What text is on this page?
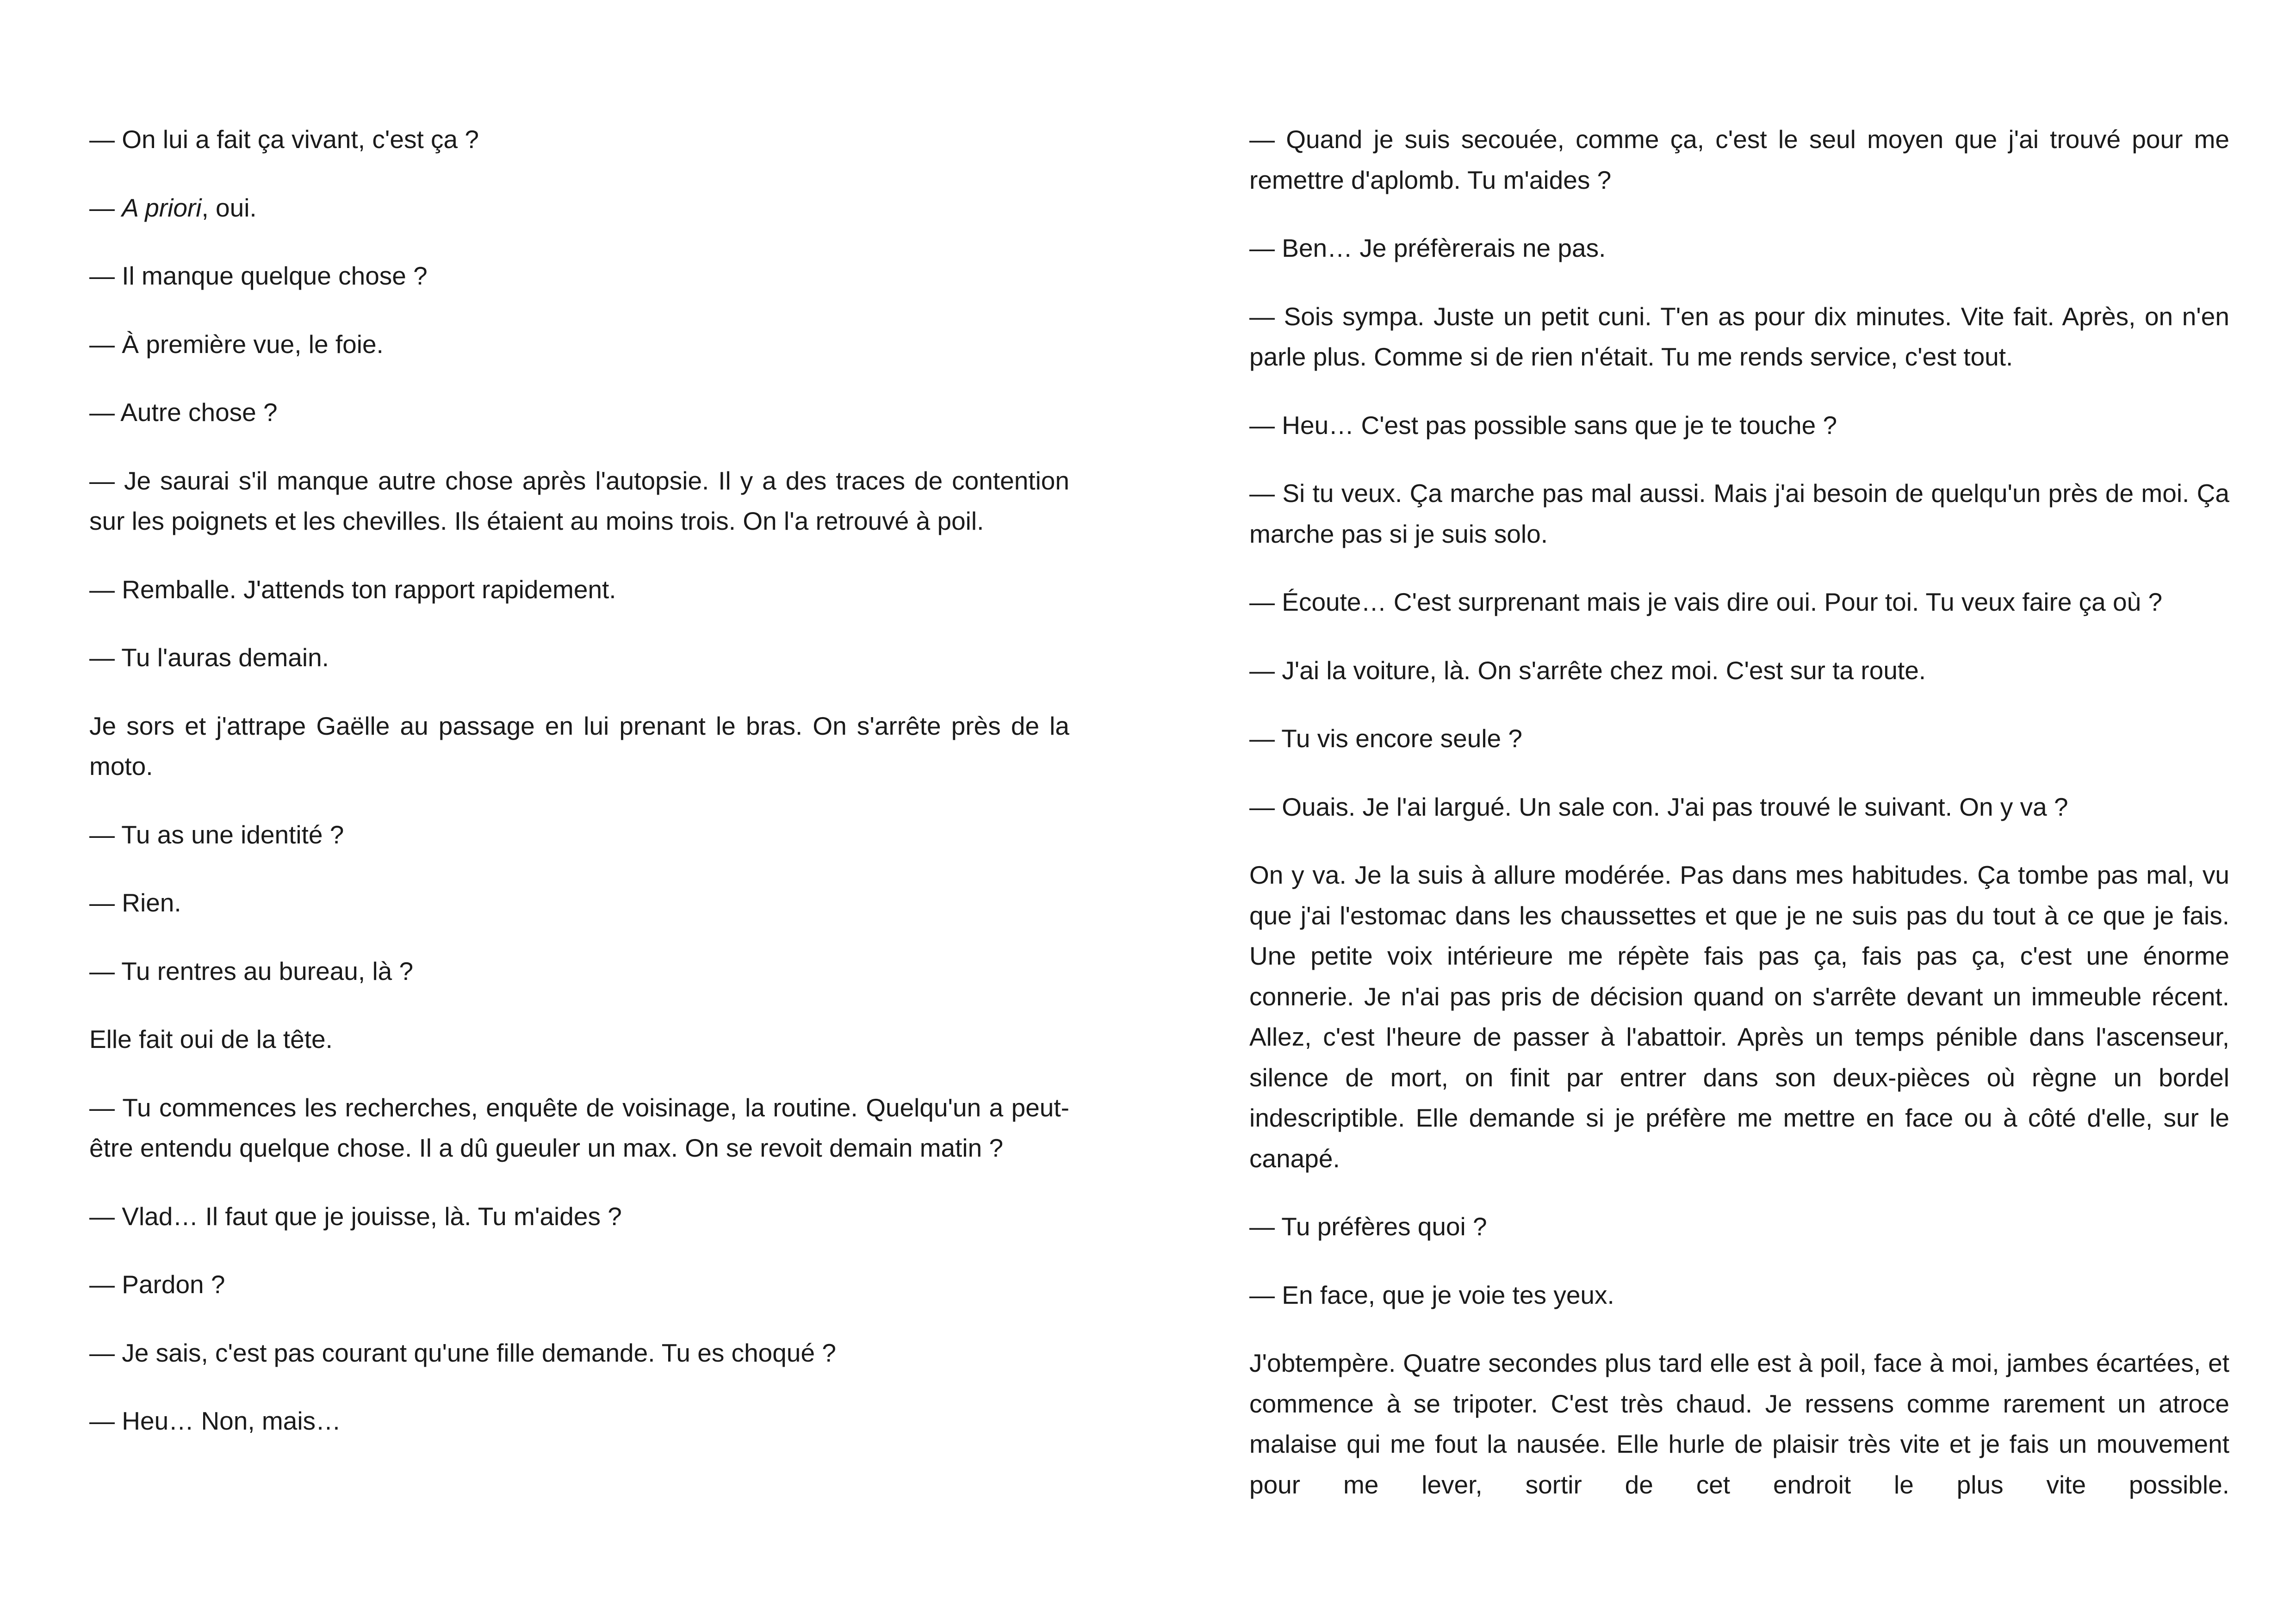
— On lui a fait ça vivant, c'est ça ?

— A priori, oui.

— Il manque quelque chose ?

— À première vue, le foie.

— Autre chose ?

— Je saurai s'il manque autre chose après l'autopsie. Il y a des traces de contention sur les poignets et les chevilles. Ils étaient au moins trois. On l'a retrouvé à poil.

— Remballe. J'attends ton rapport rapidement.

— Tu l'auras demain.

Je sors et j'attrape Gaëlle au passage en lui prenant le bras. On s'arrête près de la moto.

— Tu as une identité ?

— Rien.

— Tu rentres au bureau, là ?

Elle fait oui de la tête.

— Tu commences les recherches, enquête de voisinage, la routine. Quelqu'un a peut-être entendu quelque chose. Il a dû gueuler un max. On se revoit demain matin ?

— Vlad… Il faut que je jouisse, là. Tu m'aides ?

— Pardon ?

— Je sais, c'est pas courant qu'une fille demande. Tu es choqué ?

— Heu… Non, mais…

— Quand je suis secouée, comme ça, c'est le seul moyen que j'ai trouvé pour me remettre d'aplomb. Tu m'aides ?

— Ben… Je préfèrerais ne pas.

— Sois sympa. Juste un petit cuni. T'en as pour dix minutes. Vite fait. Après, on n'en parle plus. Comme si de rien n'était. Tu me rends service, c'est tout.

— Heu… C'est pas possible sans que je te touche ?

— Si tu veux. Ça marche pas mal aussi. Mais j'ai besoin de quelqu'un près de moi. Ça marche pas si je suis solo.

— Écoute… C'est surprenant mais je vais dire oui. Pour toi. Tu veux faire ça où ?

— J'ai la voiture, là. On s'arrête chez moi. C'est sur ta route.

— Tu vis encore seule ?

— Ouais. Je l'ai largué. Un sale con. J'ai pas trouvé le suivant. On y va ?

On y va. Je la suis à allure modérée. Pas dans mes habitudes. Ça tombe pas mal, vu que j'ai l'estomac dans les chaussettes et que je ne suis pas du tout à ce que je fais. Une petite voix intérieure me répète fais pas ça, fais pas ça, c'est une énorme connerie. Je n'ai pas pris de décision quand on s'arrête devant un immeuble récent. Allez, c'est l'heure de passer à l'abattoir. Après un temps pénible dans l'ascenseur, silence de mort, on finit par entrer dans son deux-pièces où règne un bordel indescriptible. Elle demande si je préfère me mettre en face ou à côté d'elle, sur le canapé.

— Tu préfères quoi ?

— En face, que je voie tes yeux.

J'obtempère. Quatre secondes plus tard elle est à poil, face à moi, jambes écartées, et commence à se tripoter. C'est très chaud. Je ressens comme rarement un atroce malaise qui me fout la nausée. Elle hurle de plaisir très vite et je fais un mouvement pour me lever, sortir de cet endroit le plus vite possible.
